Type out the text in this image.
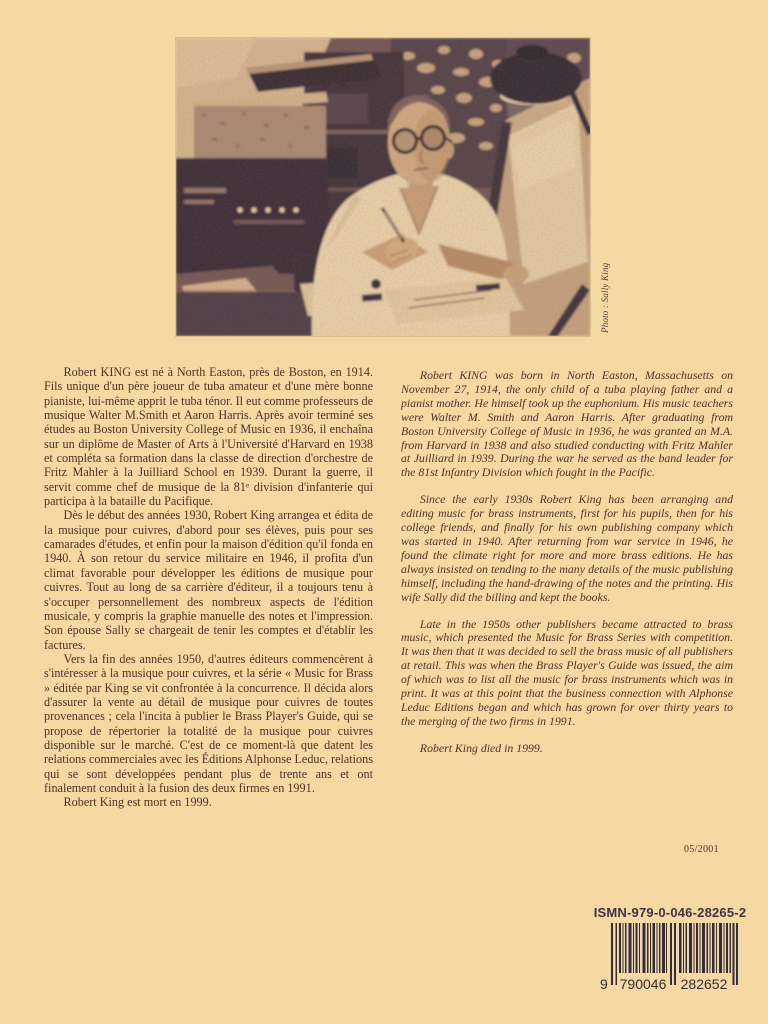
Photo : Sally King

Robert KING est né à North Easton, près de Boston, en 1914. Fils unique d'un père joueur de tuba amateur et d'une mère bonne pianiste, lui-même apprit le tuba ténor. Il eut comme professeurs de musique Walter M.Smith et Aaron Harris. Après avoir terminé ses études au Boston University College of Music en 1936, il enchaîna sur un diplôme de Master of Arts à l'Université d'Harvard en 1938 et compléta sa formation dans la classe de direction d'orchestre de Fritz Mahler à la Juilliard School en 1939. Durant la guerre, il servit comme chef de musique de la 81ᵉ division d'infanterie qui participa à la bataille du Pacifique.

Dès le début des années 1930, Robert King arrangea et édita de la musique pour cuivres, d'abord pour ses élèves, puis pour ses camarades d'études, et enfin pour la maison d'édition qu'il fonda en 1940. À son retour du service militaire en 1946, il profita d'un climat favorable pour développer les éditions de musique pour cuivres. Tout au long de sa carrière d'éditeur, il a toujours tenu à s'occuper personnellement des nombreux aspects de l'édition musicale, y compris la graphie manuelle des notes et l'impression. Son épouse Sally se chargeait de tenir les comptes et d'établir les factures.

Vers la fin des années 1950, d'autres éditeurs commencèrent à s'intéresser à la musique pour cuivres, et la série « Music for Brass » éditée par King se vit confrontée à la concurrence. Il décida alors d'assurer la vente au détail de musique pour cuivres de toutes provenances ; cela l'incita à publier le Brass Player's Guide, qui se propose de répertorier la totalité de la musique pour cuivres disponible sur le marché. C'est de ce moment-là que datent les relations commerciales avec les Éditions Alphonse Leduc, relations qui se sont développées pendant plus de trente ans et ont finalement conduit à la fusion des deux firmes en 1991.

Robert King est mort en 1999.

Robert KING was born in North Easton, Massachusetts on November 27, 1914, the only child of a tuba playing father and a pianist mother. He himself took up the euphonium. His music teachers were Walter M. Smith and Aaron Harris. After graduating from Boston University College of Music in 1936, he was granted an M.A. from Harvard in 1938 and also studied conducting with Fritz Mahler at Juilliard in 1939. During the war he served as the band leader for the 81st Infantry Division which fought in the Pacific.

Since the early 1930s Robert King has been arranging and editing music for brass instruments, first for his pupils, then for his college friends, and finally for his own publishing company which was started in 1940. After returning from war service in 1946, he found the climate right for more and more brass editions. He has always insisted on tending to the many details of the music publishing himself, including the hand-drawing of the notes and the printing. His wife Sally did the billing and kept the books.

Late in the 1950s other publishers became attracted to brass music, which presented the Music for Brass Series with competition. It was then that it was decided to sell the brass music of all publishers at retail. This was when the Brass Player's Guide was issued, the aim of which was to list all the music for brass instruments which was in print. It was at this point that the business connection with Alphonse Leduc Editions began and which has grown for over thirty years to the merging of the two firms in 1991.

Robert King died in 1999.

05/2001
ISMN-979-0-046-28265-2
9 790046 282652
